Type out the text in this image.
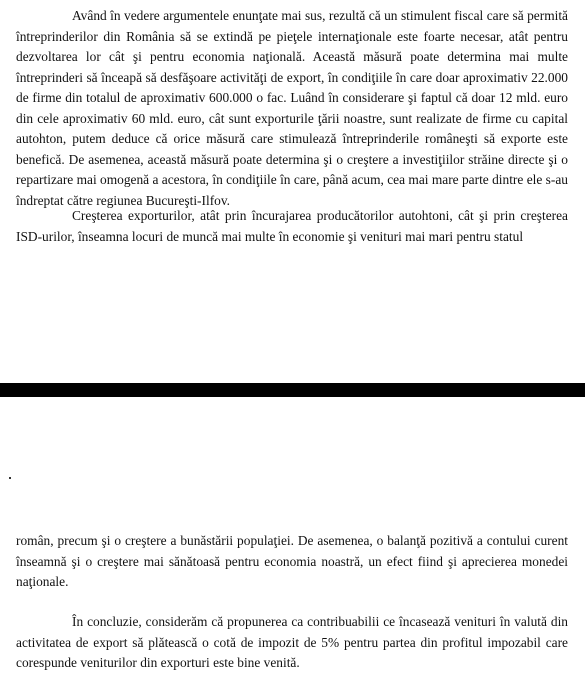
Având în vedere argumentele enunţate mai sus, rezultă că un stimulent fiscal care să permită întreprinderilor din România să se extindă pe pieţele internaţionale este foarte necesar, atât pentru dezvoltarea lor cât şi pentru economia naţională. Această măsură poate determina mai multe întreprinderi să înceapă să desfăşoare activităţi de export, în condiţiile în care doar aproximativ 22.000 de firme din totalul de aproximativ 600.000 o fac. Luând în considerare şi faptul că doar 12 mld. euro din cele aproximativ 60 mld. euro, cât sunt exporturile ţării noastre, sunt realizate de firme cu capital autohton, putem deduce că orice măsură care stimulează întreprinderile româneşti să exporte este benefică. De asemenea, această măsură poate determina şi o creştere a investiţiilor străine directe şi o repartizare mai omogenă a acestora, în condiţiile în care, până acum, cea mai mare parte dintre ele s-au îndreptat către regiunea Bucureşti-Ilfov.

Creşterea exporturilor, atât prin încurajarea producătorilor autohtoni, cât şi prin creşterea ISD-urilor, înseamna locuri de muncă mai multe în economie şi venituri mai mari pentru statul

român, precum şi o creştere a bunăstării populaţiei. De asemenea, o balanţă pozitivă a contului curent înseamnă şi o creştere mai sănătoasă pentru economia noastră, un efect fiind şi aprecierea monedei naţionale.

În concluzie, considerăm că propunerea ca contribuabilii ce încasează venituri în valută din activitatea de export să plătească o cotă de impozit de 5% pentru partea din profitul impozabil care corespunde veniturilor din exporturi este bine venită.
